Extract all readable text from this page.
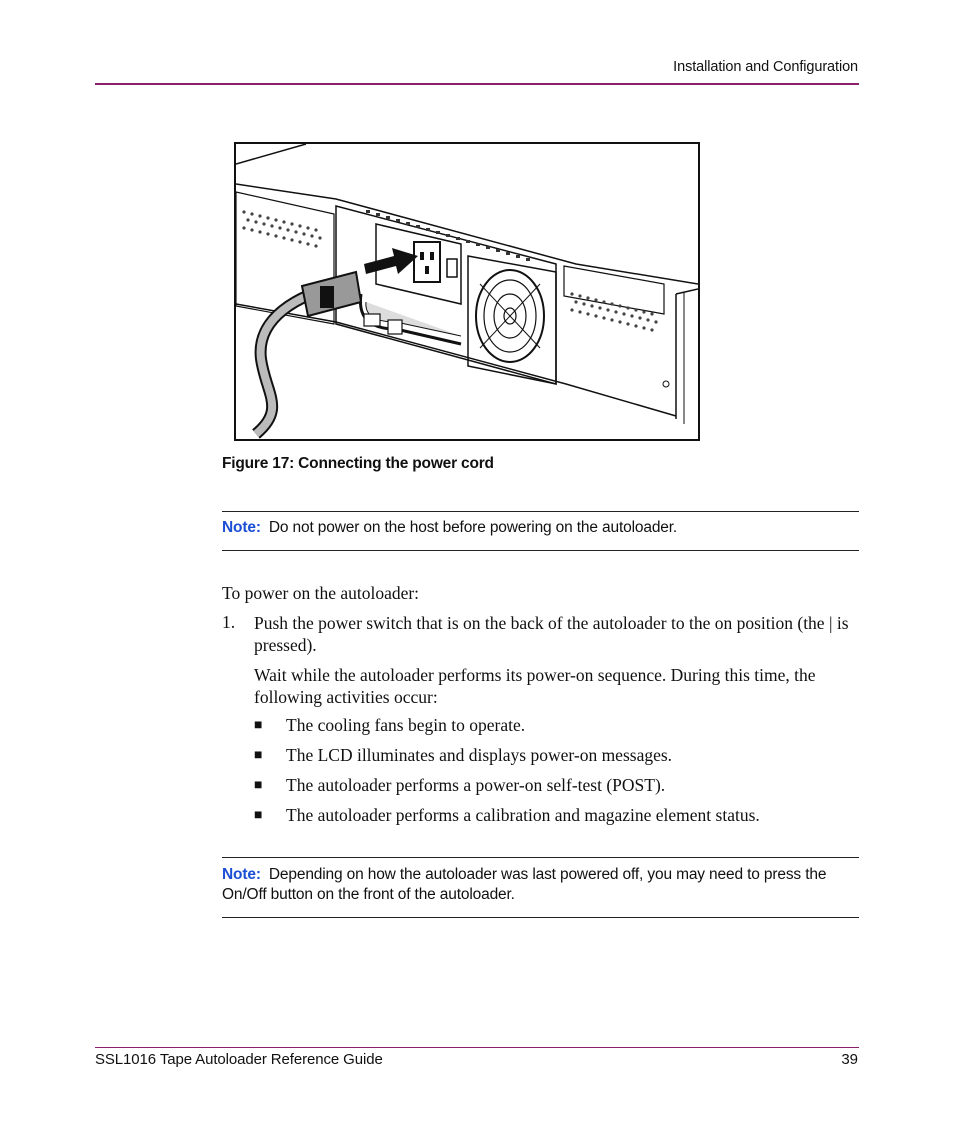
Installation and Configuration
Figure 17: Connecting the power cord
Note: Do not power on the host before powering on the autoloader.
To power on the autoloader:
1. Push the power switch that is on the back of the autoloader to the on position (the | is pressed).
Wait while the autoloader performs its power-on sequence. During this time, the following activities occur:
■ The cooling fans begin to operate.
■ The LCD illuminates and displays power-on messages.
■ The autoloader performs a power-on self-test (POST).
■ The autoloader performs a calibration and magazine element status.
Note: Depending on how the autoloader was last powered off, you may need to press the On/Off button on the front of the autoloader.
SSL1016 Tape Autoloader Reference Guide	39
